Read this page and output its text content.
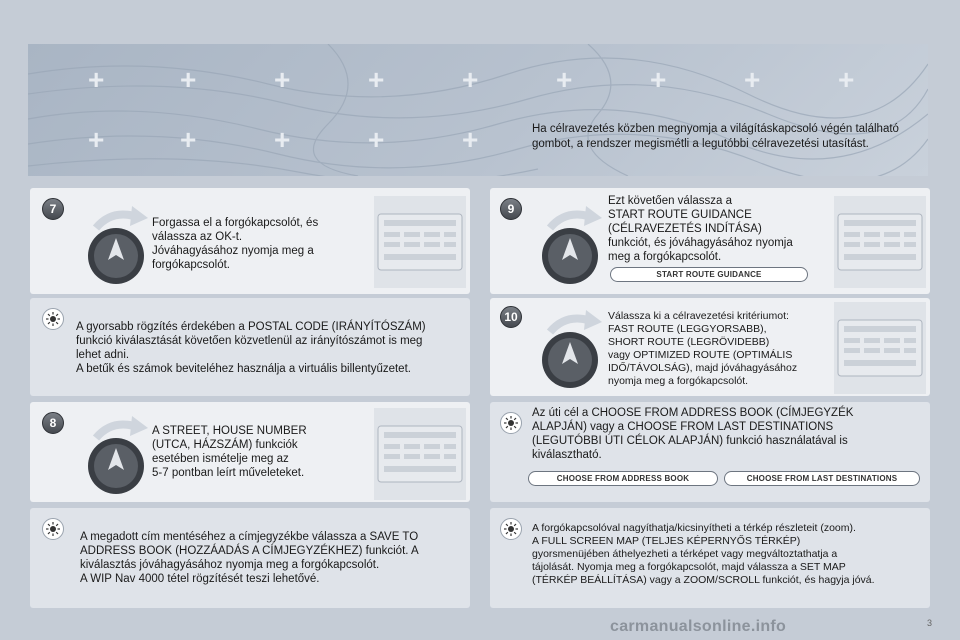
+	+	+	+	+	+	+	+	+
+	+	+	+	+	Ha célravezetés közben megnyomja a világításkapcsoló végén található
gombot, a rendszer megismétli a legutóbbi célravezetési utasítást.
7
Forgassa el a forgókapcsolót, és
válassza az OK-t.
Jóváhagyásához nyomja meg a
forgókapcsolót.
A gyorsabb rögzítés érdekében a POSTAL CODE (IRÁNYÍTÓSZÁM)
funkció kiválasztását követően közvetlenül az irányítószámot is meg
lehet adni.
A betűk és számok beviteléhez használja a virtuális billentyűzetet.
8
A STREET, HOUSE NUMBER
(UTCA, HÁZSZÁM) funkciók
esetében ismételje meg az
5-7 pontban leírt műveleteket.
A megadott cím mentéséhez a címjegyzékbe válassza a SAVE TO
ADDRESS BOOK (HOZZÁADÁS A CÍMJEGYZÉKHEZ) funkciót. A
kiválasztás jóváhagyásához nyomja meg a forgókapcsolót.
A WIP Nav 4000 tétel rögzítését teszi lehetővé.
9
Ezt követően válassza a
START ROUTE GUIDANCE
(CÉLRAVEZETÉS INDÍTÁSA)
funkciót, és jóváhagyásához nyomja
meg a forgókapcsolót.
START ROUTE GUIDANCE
10	Válassza ki a célravezetési kritériumot:
FAST ROUTE (LEGGYORSABB),
SHORT ROUTE (LEGRÖVIDEBB)
vagy OPTIMIZED ROUTE (OPTIMÁLIS
IDŐ/TÁVOLSÁG), majd jóváhagyásához
nyomja meg a forgókapcsolót.
Az úti cél a CHOOSE FROM ADDRESS BOOK (CÍMJEGYZÉK
ALAPJÁN) vagy a CHOOSE FROM LAST DESTINATIONS
(LEGUTÓBBI ÚTI CÉLOK ALAPJÁN) funkció használatával is
kiválasztható.
CHOOSE FROM ADDRESS BOOK	CHOOSE FROM LAST DESTINATIONS
A forgókapcsolóval nagyíthatja/kicsinyítheti a térkép részleteit (zoom).
A FULL SCREEN MAP (TELJES KÉPERNYŐS TÉRKÉP)
gyorsmenüjében áthelyezheti a térképet vagy megváltoztathatja a
tájolását. Nyomja meg a forgókapcsolót, majd válassza a SET MAP
(TÉRKÉP BEÁLLÍTÁSA) vagy a ZOOM/SCROLL funkciót, és hagyja jóvá.
carmanualsonline.info	3
